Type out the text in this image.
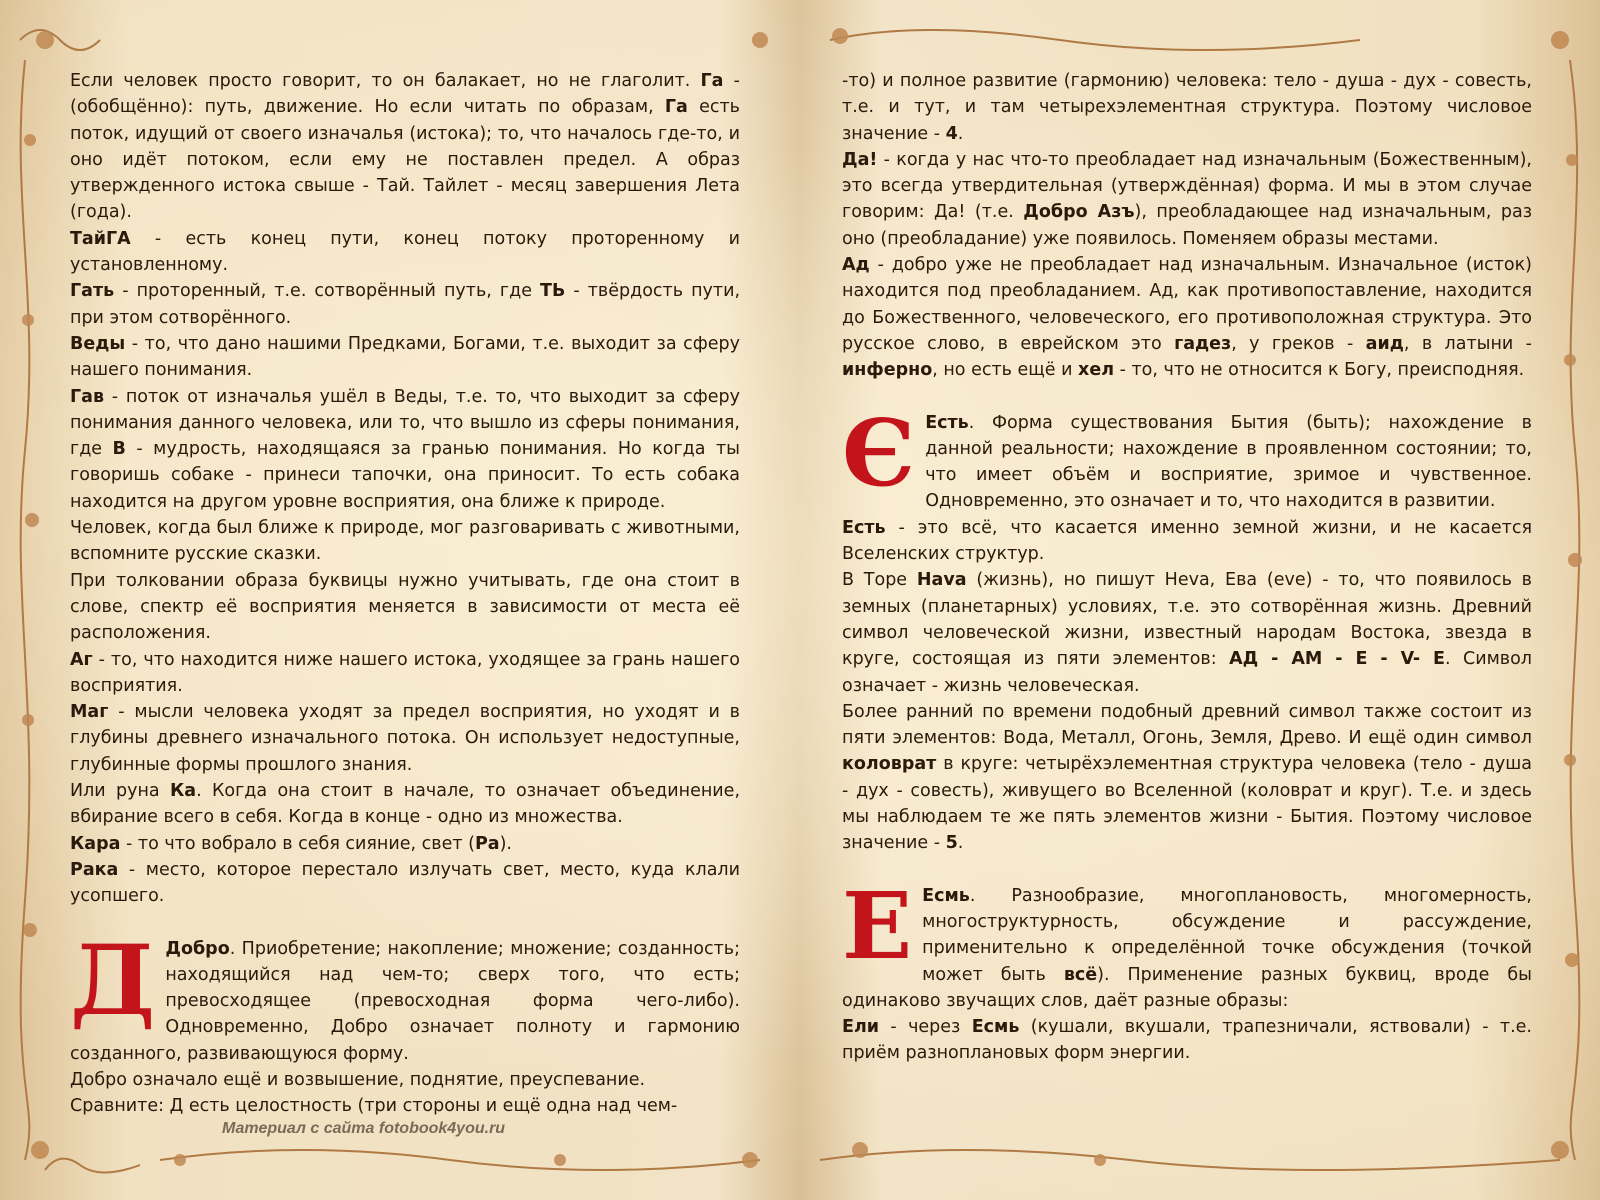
Если человек просто говорит, то он балакает, но не глаголит. Га - (обобщённо): путь, движение. Но если читать по образам, Га есть поток, идущий от своего изначалья (истока); то, что началось где-то, и оно идёт потоком, если ему не поставлен предел. А образ утвержденного истока свыше - Тай. Тайлет - месяц завершения Лета (года).

ТайГА - есть конец пути, конец потоку протоpенному и установленному.

Гать - протоpенный, т.е. сотворённый путь, где ТЬ - твёрдость пути, при этом сотворённого.

Веды - то, что дано нашими Предками, Богами, т.е. выходит за сферу нашего понимания.

Гав - поток от изначалья ушёл в Веды, т.е. то, что выходит за сферу понимания данного человека, или то, что вышло из сферы понимания, где В - мудрость, находящаяся за гранью понимания. Но когда ты говоришь собаке - принеси тапочки, она приносит. То есть собака находится на другом уровне восприятия, она ближе к природе.

Человек, когда был ближе к природе, мог разговаривать с животными, вспомните русские сказки.

При толковании образа буквицы нужно учитывать, где она стоит в слове, спектр её восприятия меняется в зависимости от места её расположения.

Аг - то, что находится ниже нашего истока, уходящее за грань нашего восприятия.

Маг - мысли человека уходят за предел восприятия, но уходят и в глубины древнего изначального потока. Он использует недоступные, глубинные формы прошлого знания.

Или руна Ка. Когда она стоит в начале, то означает объединение, вбирание всего в себя. Когда в конце - одно из множества.

Кара - то что вобрало в себя сияние, свет (Ра).

Рака - место, которое перестало излучать свет, место, куда клали усопшего.

Д Добро. Приобретение; накопление; множение; созданность; находящийся над чем-то; сверх того, что есть; превосходящее (превосходная форма чего-либо). Одновременно, Добро означает полноту и гармонию созданного, развивающуюся форму.

Добро означало ещё и возвышение, поднятие, преуспевание.

Сравните: Д есть целостность (три стороны и ещё одна над чем-

Материал с сайта fotobook4you.ru

-то) и полное развитие (гармонию) человека: тело - душа - дух - совесть, т.е. и тут, и там четырехэлементная структура. Поэтому числовое значение - 4.

Да! - когда у нас что-то преобладает над изначальным (Божественным), это всегда утвердительная (утверждённая) форма. И мы в этом случае говорим: Да! (т.е. Добро Азъ), преобладающее над изначальным, раз оно (преобладание) уже появилось. Поменяем образы местами.

Ад - добро уже не преобладает над изначальным. Изначальное (исток) находится под преобладанием. Ад, как противопоставление, находится до Божественного, человеческого, его противоположная структура. Это русское слово, в еврейском это гадез, у греков - аид, в латыни - инферно, но есть ещё и хел - то, что не относится к Богу, преисподняя.

Є Есть. Форма существования Бытия (быть); нахождение в данной реальности; нахождение в проявленном состоянии; то, что имеет объём и восприятие, зримое и чувственное. Одновременно, это означает и то, что находится в развитии.

Есть - это всё, что касается именно земной жизни, и не касается Вселенских структур.

В Торе Hava (жизнь), но пишут Heva, Ева (eve) - то, что появилось в земных (планетарных) условиях, т.е. это сотворённая жизнь. Древний символ человеческой жизни, известный народам Востока, звезда в круге, состоящая из пяти элементов: АД - АМ - Е - V- Е. Символ означает - жизнь человеческая.

Более ранний по времени подобный древний символ также состоит из пяти элементов: Вода, Металл, Огонь, Земля, Древо. И ещё один символ коловрат в круге: четырёхэлементная структура человека (тело - душа - дух - совесть), живущего во Вселенной (коловрат и круг). Т.е. и здесь мы наблюдаем те же пять элементов жизни - Бытия. Поэтому числовое значение - 5.

Е Есмь. Разнообразие, многоплановость, многомерность, многоструктурность, обсуждение и рассуждение, применительно к определённой точке обсуждения (точкой может быть всё). Применение разных буквиц, вроде бы одинаково звучащих слов, даёт разные образы:

Ели - через Есмь (кушали, вкушали, трапезничали, яствовали) - т.е. приём разноплановых форм энергии.
